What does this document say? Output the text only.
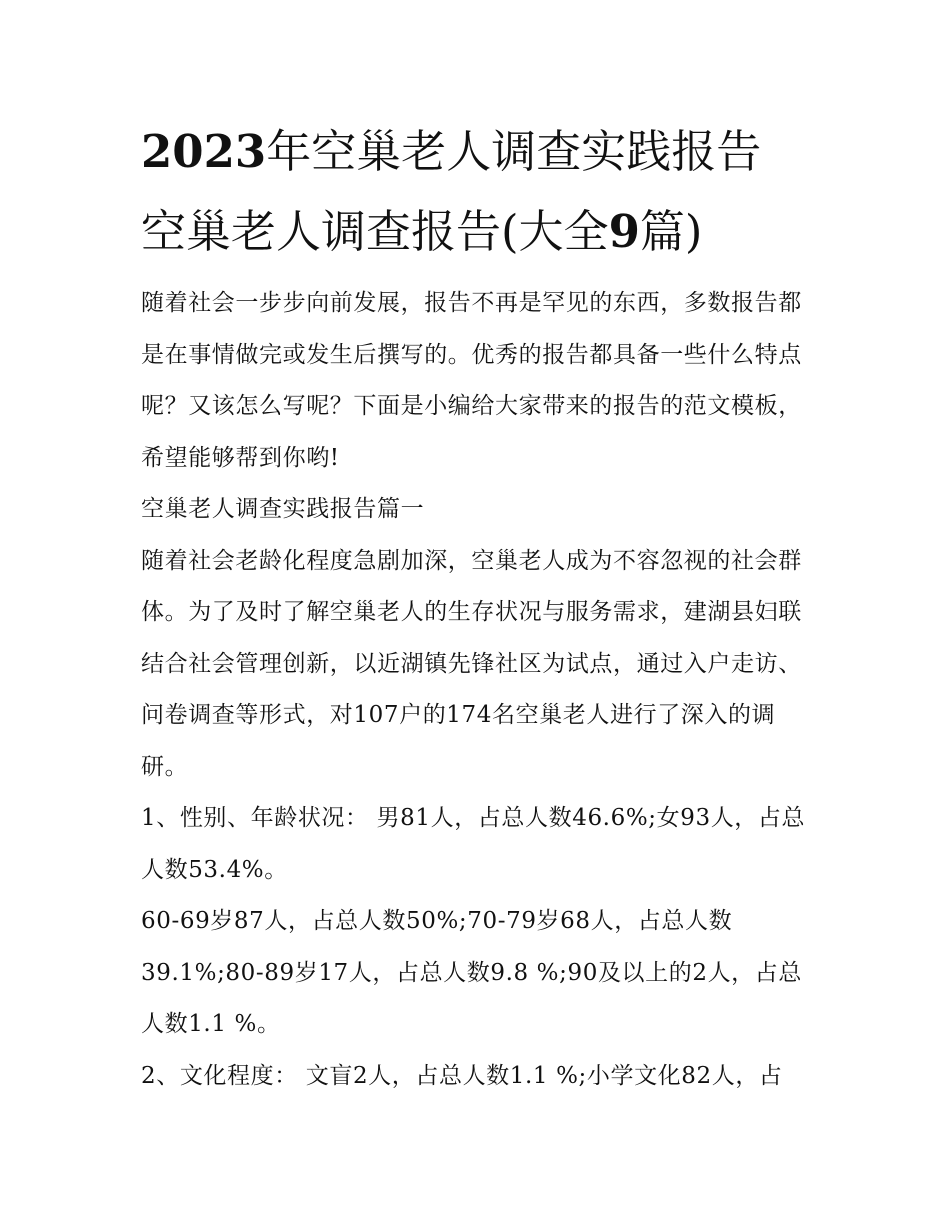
2023年空巢老人调查实践报告
空巢老人调查报告(大全9篇)

随着社会一步步向前发展，报告不再是罕见的东西，多数报告都是在事情做完或发生后撰写的。优秀的报告都具备一些什么特点呢？又该怎么写呢？下面是小编给大家带来的报告的范文模板，希望能够帮到你哟!

空巢老人调查实践报告篇一

随着社会老龄化程度急剧加深，空巢老人成为不容忽视的社会群体。为了及时了解空巢老人的生存状况与服务需求，建湖县妇联结合社会管理创新，以近湖镇先锋社区为试点，通过入户走访、问卷调查等形式，对107户的174名空巢老人进行了深入的调研。

1、性别、年龄状况： 男81人，占总人数46.6%;女93人，占总人数53.4%。

60-69岁87人，占总人数50%;70-79岁68人，占总人数39.1%;80-89岁17人，占总人数9.8 %;90及以上的2人，占总人数1.1 %。

2、文化程度： 文盲2人，占总人数1.1 %;小学文化82人，占
